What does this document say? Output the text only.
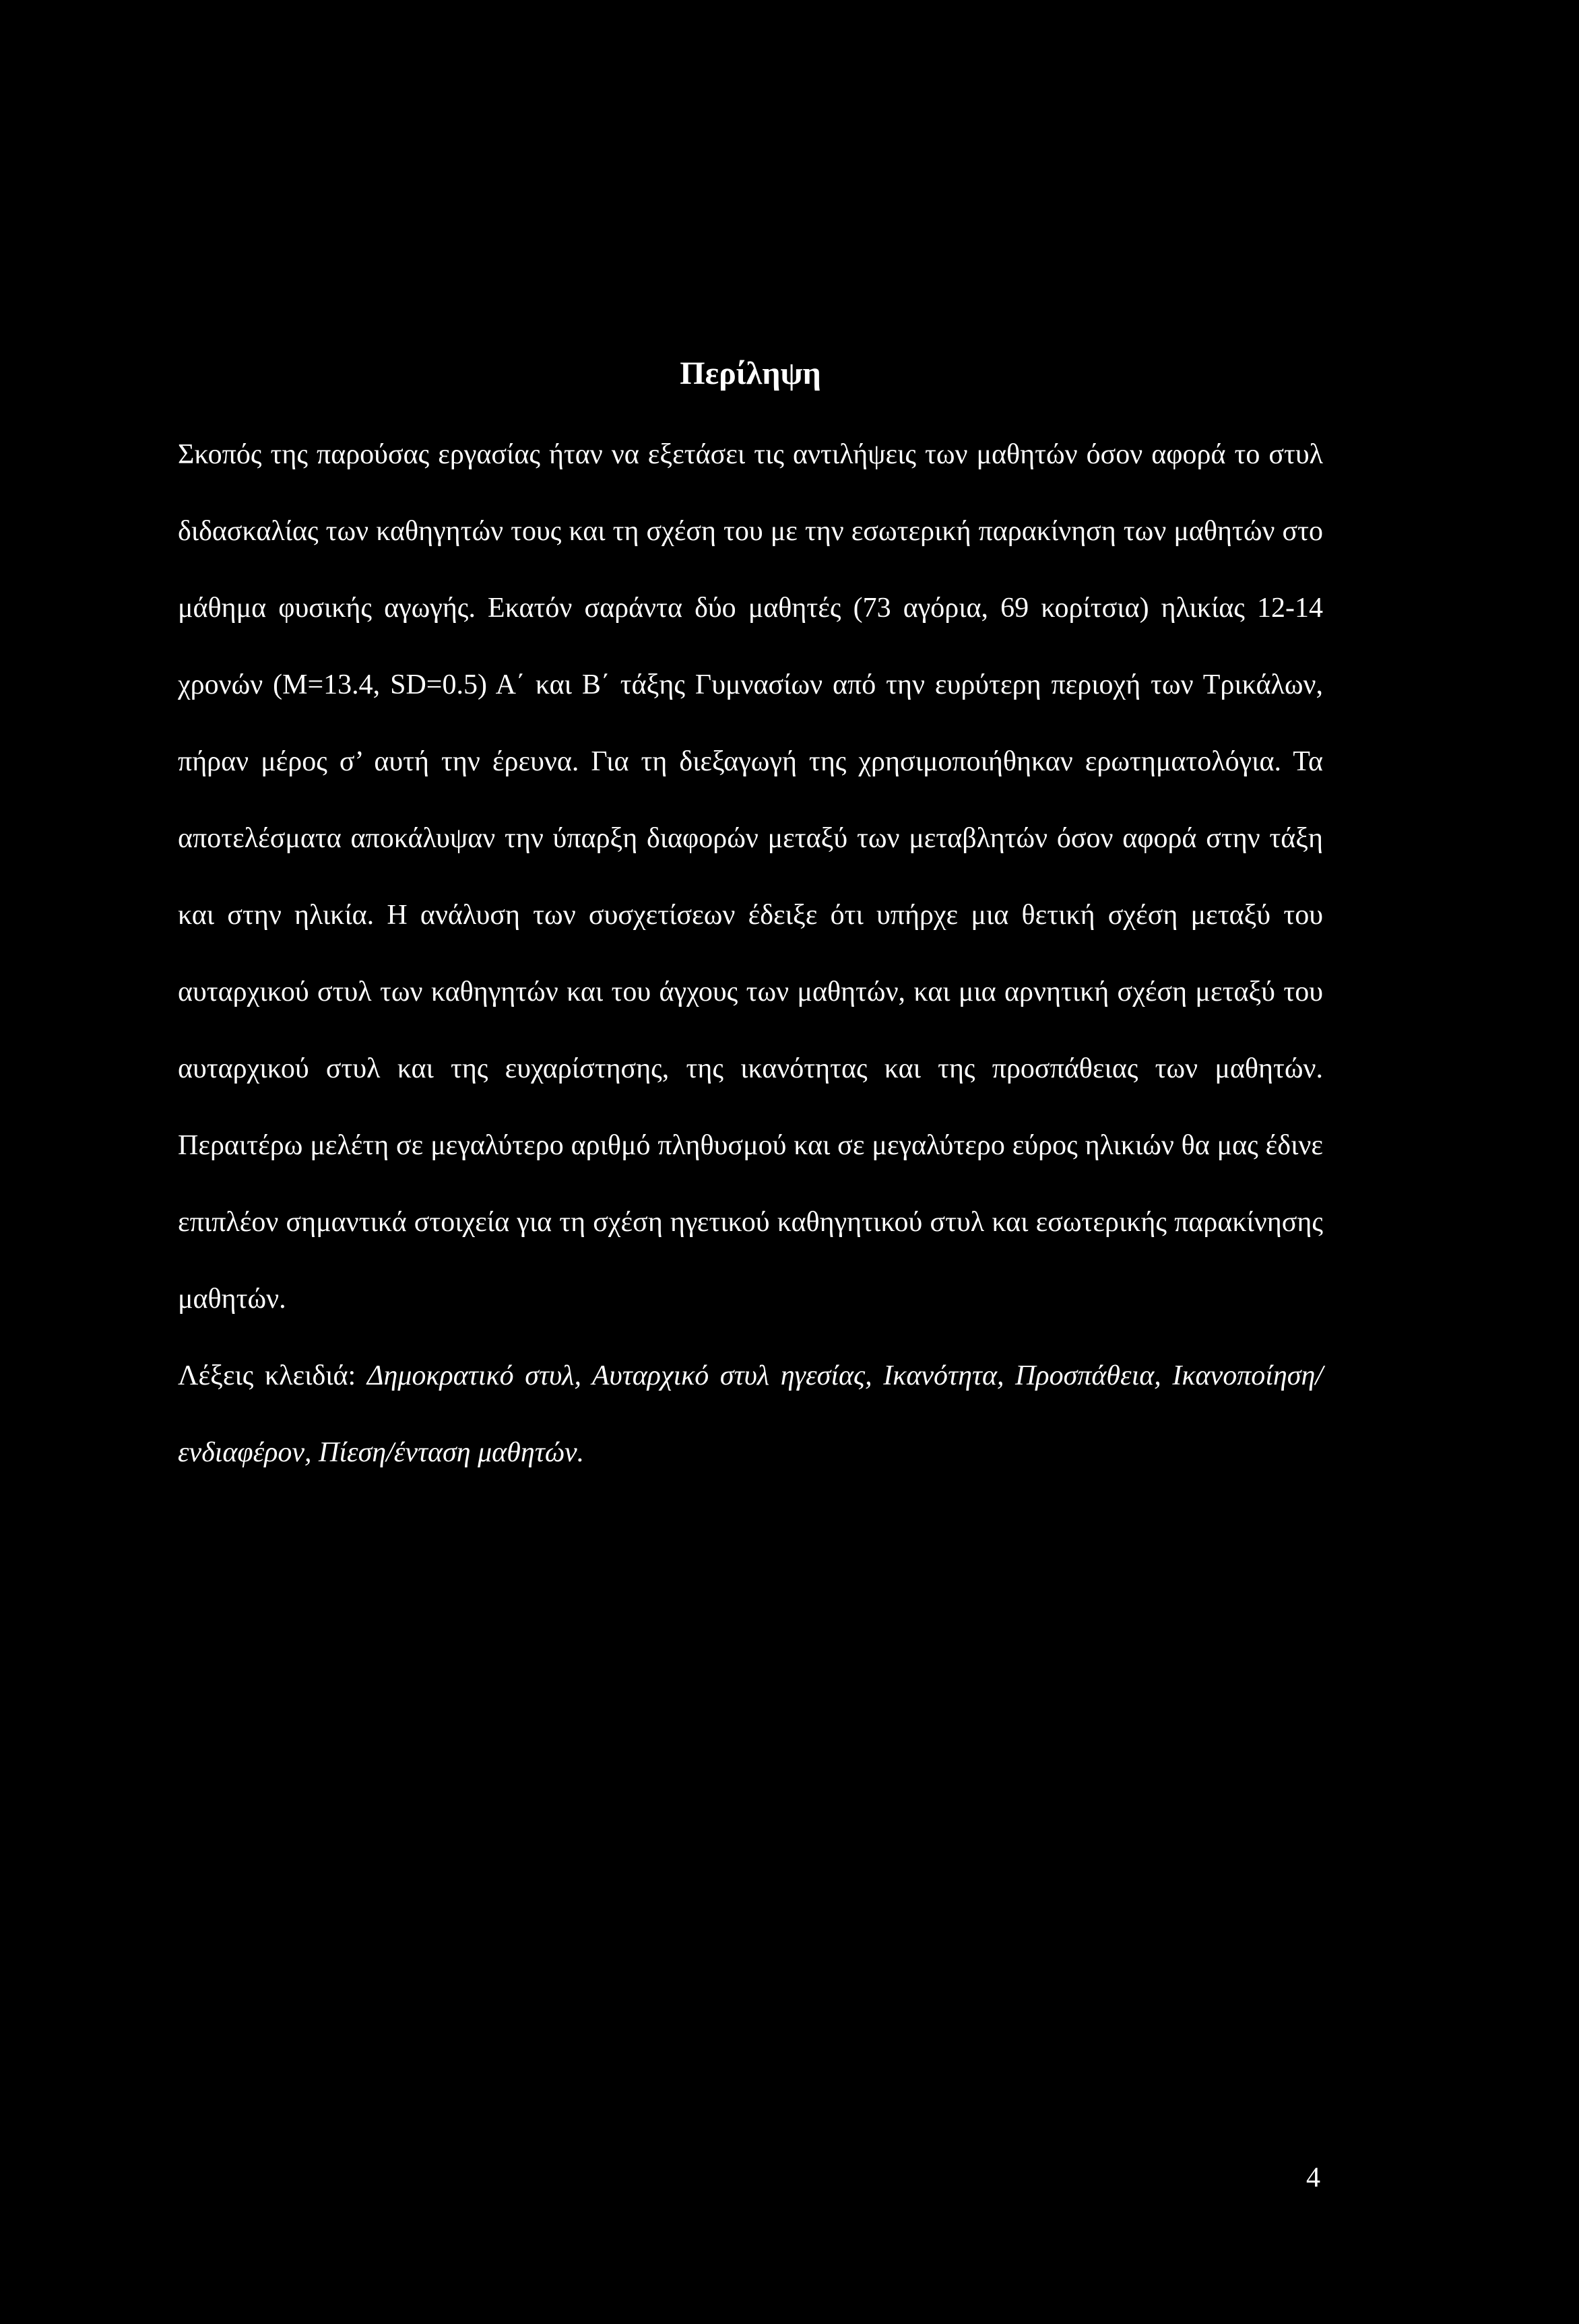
Περίληψη

Σκοπός της παρούσας εργασίας ήταν να εξετάσει τις αντιλήψεις των μαθητών όσον αφορά το στυλ διδασκαλίας των καθηγητών τους και τη σχέση του με την εσωτερική παρακίνηση των μαθητών στο μάθημα φυσικής αγωγής. Εκατόν σαράντα δύο μαθητές (73 αγόρια, 69 κορίτσια) ηλικίας 12-14 χρονών (M=13.4, SD=0.5) Α΄ και Β΄ τάξης Γυμνασίων από την ευρύτερη περιοχή των Τρικάλων, πήραν μέρος σ’ αυτή την έρευνα. Για τη διεξαγωγή της χρησιμοποιήθηκαν ερωτηματολόγια. Τα αποτελέσματα αποκάλυψαν την ύπαρξη διαφορών μεταξύ των μεταβλητών όσον αφορά στην τάξη και στην ηλικία. Η ανάλυση των συσχετίσεων έδειξε ότι υπήρχε μια θετική σχέση μεταξύ του αυταρχικού στυλ των καθηγητών και του άγχους των μαθητών, και μια αρνητική σχέση μεταξύ του αυταρχικού στυλ και της ευχαρίστησης, της ικανότητας και της προσπάθειας των μαθητών. Περαιτέρω μελέτη σε μεγαλύτερο αριθμό πληθυσμού και σε μεγαλύτερο εύρος ηλικιών θα μας έδινε επιπλέον σημαντικά στοιχεία για τη σχέση ηγετικού καθηγητικού στυλ και εσωτερικής παρακίνησης μαθητών.

Λέξεις κλειδιά: Δημοκρατικό στυλ, Αυταρχικό στυλ ηγεσίας, Ικανότητα, Προσπάθεια, Ικανοποίηση/ενδιαφέρον, Πίεση/ένταση μαθητών.

4
